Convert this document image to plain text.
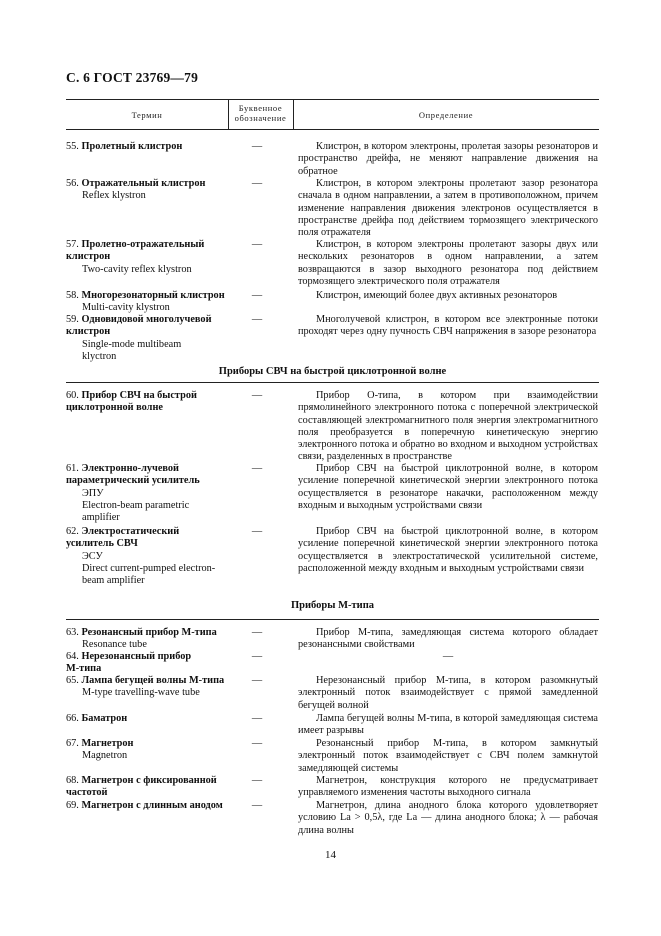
С. 6 ГОСТ 23769—79
Термин
Буквенное
обозначение	Определение
55. Пролетный клистрон	—	Клистрон, в котором электроны, пролетая зазоры резонаторов и пространство дрейфа, не меняют направление движения на обратное
56. Отражательный клистрон
Reflex klystron
—	Клистрон, в котором электроны пролетают зазор резонатора сначала в одном направлении, а затем в противоположном, причем изменение направления движения электронов осуществляется в пространстве дрейфа под действием тормозящего электрического поля отражателя
57. Пролетно-отражательный клистрон
Two-cavity reflex klystron
—	Клистрон, в котором электроны пролетают зазоры двух или нескольких резонаторов в одном направлении, а затем возвращаются в зазор выходного резонатора под действием тормозящего электрического поля отражателя
58. Многорезонаторный клистрон
Multi-cavity klystron
—	Клистрон, имеющий более двух активных резонаторов
59. Одновидовой многолучевой клистрон
Single-mode multibeam klyctron
—	Многолучевой клистрон, в котором все электронные потоки проходят через одну пучность СВЧ напряжения в зазоре резонатора
Приборы СВЧ на быстрой циклотронной волне
60. Прибор СВЧ на быстрой циклотронной волне
—	Прибор О-типа, в котором при взаимодействии прямолинейного электронного потока с поперечной электрической составляющей электромагнитного поля энергия электромагнитного поля преобразуется в поперечную кинетическую энергию электронного потока и обратно во входном и выходном устройствах связи, разделенных в пространстве
61. Электронно-лучевой параметрический усилитель
ЭПУ
Electron-beam parametric amplifier
—	Прибор СВЧ на быстрой циклотронной волне, в котором усиление поперечной кинетической энергии электронного потока осуществляется в резонаторе накачки, расположенном между входным и выходным устройствами связи
62. Электростатический усилитель СВЧ
ЭСУ
Direct current-pumped electron-beam amplifier
—	Прибор СВЧ на быстрой циклотронной волне, в котором усиление поперечной кинетической энергии электронного потока осуществляется в электростатической усилительной системе, расположенной между входным и выходным устройствами связи
Приборы М-типа
63. Резонансный прибор М-типа
Resonance tube
—	Прибор М-типа, замедляющая система которого обладает резонансными свойствами
64. Нерезонансный прибор М-типа
—	—
65. Лампа бегущей волны М-типа
M-type travelling-wave tube
—	Нерезонансный прибор М-типа, в котором разомкнутый электронный поток взаимодействует с прямой замедленной бегущей волной
66. Баматрон	—	Лампа бегущей волны М-типа, в которой замедляющая система имеет разрывы
67. Магнетрон
Magnetron
—	Резонансный прибор М-типа, в котором замкнутый электронный поток взаимодействует с СВЧ полем замкнутой замедляющей системы
68. Магнетрон с фиксированной частотой
—	Магнетрон, конструкция которого не предусматривает управляемого изменения частоты выходного сигнала
69. Магнетрон с длинным анодом	—	Магнетрон, длина анодного блока которого удовлетворяет условию Lа > 0,5λ, где Lа — длина анодного блока; λ — рабочая длина волны
14
